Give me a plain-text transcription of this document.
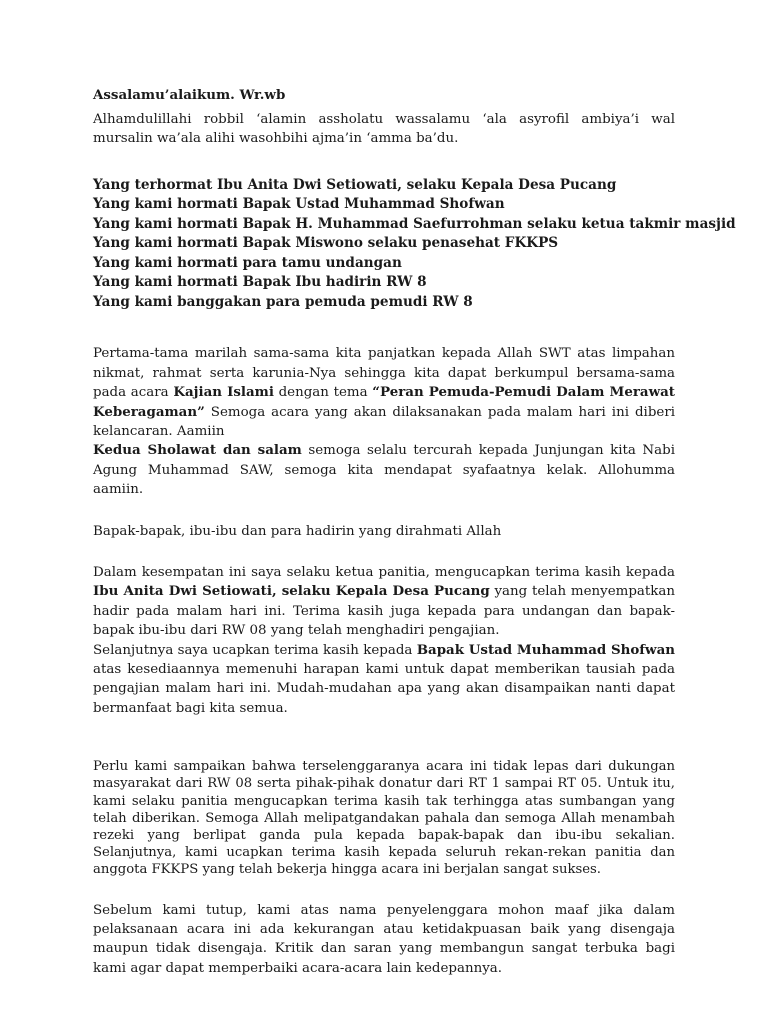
Assalamu’alaikum. Wr.wb

Alhamdulillahi robbil ‘alamin assholatu wassalamu ‘ala asyrofil ambiya’i wal mursalin wa’ala alihi wasohbihi ajma’in ‘amma ba’du.

Yang terhormat Ibu Anita Dwi Setiowati, selaku Kepala Desa Pucang
Yang kami hormati Bapak Ustad Muhammad Shofwan
Yang kami hormati Bapak H. Muhammad Saefurrohman selaku ketua takmir masjid
Yang kami hormati Bapak Miswono selaku penasehat FKKPS
Yang kami hormati para tamu undangan
Yang kami hormati Bapak Ibu hadirin RW 8
Yang kami banggakan para pemuda pemudi RW 8

Pertama-tama marilah sama-sama kita panjatkan kepada Allah SWT atas limpahan nikmat, rahmat serta karunia-Nya sehingga kita dapat berkumpul bersama-sama pada acara Kajian Islami dengan tema “Peran Pemuda-Pemudi Dalam Merawat Keberagaman” Semoga acara yang akan dilaksanakan pada malam hari ini diberi kelancaran. Aamiin

Kedua Sholawat dan salam semoga selalu tercurah kepada Junjungan kita Nabi Agung Muhammad SAW, semoga kita mendapat syafaatnya kelak. Allohumma aamiin.

Bapak-bapak, ibu-ibu dan para hadirin yang dirahmati Allah

Dalam kesempatan ini saya selaku ketua panitia, mengucapkan terima kasih kepada Ibu Anita Dwi Setiowati, selaku Kepala Desa Pucang yang telah menyempatkan hadir pada malam hari ini. Terima kasih juga kepada para undangan dan bapak-bapak ibu-ibu dari RW 08 yang telah menghadiri pengajian.

Selanjutnya saya ucapkan terima kasih kepada Bapak Ustad Muhammad Shofwan atas kesediaannya memenuhi harapan kami untuk dapat memberikan tausiah pada pengajian malam hari ini. Mudah-mudahan apa yang akan disampaikan nanti dapat bermanfaat bagi kita semua.

Perlu kami sampaikan bahwa terselenggaranya acara ini tidak lepas dari dukungan masyarakat dari RW 08 serta pihak-pihak donatur dari RT 1 sampai RT 05. Untuk itu, kami selaku panitia mengucapkan terima kasih tak terhingga atas sumbangan yang telah diberikan. Semoga Allah melipatgandakan pahala dan semoga Allah menambah rezeki yang berlipat ganda pula kepada bapak-bapak dan ibu-ibu sekalian. Selanjutnya, kami ucapkan terima kasih kepada seluruh rekan-rekan panitia dan anggota FKKPS yang telah bekerja hingga acara ini berjalan sangat sukses.

Sebelum kami tutup, kami atas nama penyelenggara mohon maaf jika dalam pelaksanaan acara ini ada kekurangan atau ketidakpuasan baik yang disengaja maupun tidak disengaja. Kritik dan saran yang membangun sangat terbuka bagi kami agar dapat memperbaiki acara-acara lain kedepannya.
